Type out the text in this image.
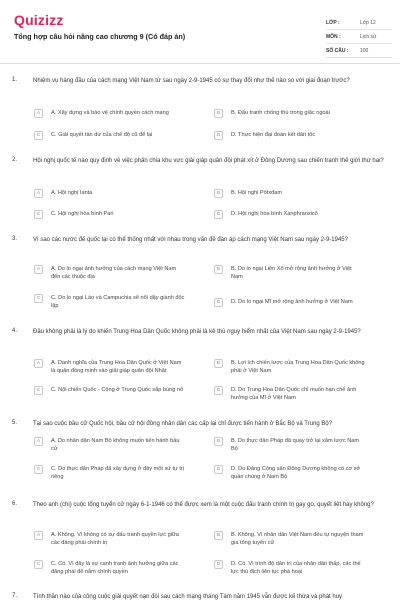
Quizizz
Tổng hợp câu hỏi nâng cao chương 9 (Có đáp án)
LỚP :	Lớp 12
MÔN :	Lịch sử
SỐ CÂU :	100
1.	Nhiệm vụ hàng đầu của cách mạng Việt Nam từ sau ngày 2-9-1945 có sự thay đổi như thế nào so với giai đoạn trước?
A	A. Xây dựng và bảo vệ chính quyền cách mạng	B	B. Đấu tranh chống thù trong giặc ngoài
C	C. Giải quyết tàn dư của chế độ cũ để lại	D	D. Thực hiện đại đoàn kết dân tộc
2.	Hội nghị quốc tế nào quy định về việc phân chia khu vực giải giáp quân đội phát xít ở Đông Dương sau chiến tranh thế giới thứ hai?
A	A. Hội nghị Ianta	B	B. Hội nghị Pốtxđam
C	C. Hội nghị hòa bình Pari	D	D. Hội nghị hòa bình Xanphranxicô
3.	Vì sao các nước đế quốc lại có thể thống nhất với nhau trong vấn đề đàn áp cách mạng Việt Nam sau ngày 2-9-1945?
A	A. Do lo ngại ảnh hưởng của cách mạng Việt Nam đến các thuộc địa
B	B. Do lo ngại Liên Xô mở rộng ảnh hưởng ở Việt Nam
C	C. Do lo ngại Lào và Campuchia sẽ nổi dậy giành độc lập
D	D. Do lo ngại Mĩ mở rộng ảnh hưởng ở Việt Nam
4.	Đâu không phải là lý do khiến Trung Hoa Dân Quốc không phải là kẻ thù nguy hiểm nhất của Việt Nam sau ngày 2-9-1945?
A	A. Danh nghĩa của Trung Hoa Dân Quốc ở Việt Nam là quân đồng minh vào giải giáp quân đội Nhật
B	B. Lợi ích chiến lược của Trung Hoa Dân Quốc không phải ở Việt Nam
C	C. Nội chiến Quốc - Cộng ở Trung Quốc sắp bùng nổ	D	D. Do Trung Hoa Dân Quốc chỉ muốn hạn chế ảnh hưởng của Mĩ ở Việt Nam
5.	Tại sao cuộc bầu cử Quốc hội, bầu cử hội đồng nhân dân các cấp lại chỉ được tiến hành ở Bắc Bộ và Trung Bộ?
A	A. Do nhân dân Nam Bộ không muốn tiến hành bầu cử
B	B. Do thực dân Pháp đã quay trở lại xâm lược Nam Bộ
C	C. Do thực dân Pháp đã xây dựng ở đây một sứ tự trị riêng
D	D. Do Đảng Cộng sản Đông Dương không có cơ sở quần chúng ở Nam Bộ
6.	Theo anh (chị) cuộc tổng tuyển cử ngày 6-1-1946 có thể được xem là một cuộc đấu tranh chính trị gay go, quyết liệt hay không?
A	A. Không. Vì không có sự đấu tranh quyền lực giữa các đảng phái chính trị
B	B. Không. Vì nhân dân Việt Nam đều tự nguyện tham gia tổng tuyển cử
C	C. Có. Vì đây là sự cạnh tranh ảnh hưởng giữa các đảng phái để nắm chính quyền
D	D. Có. Vì trình độ dân trí của nhân dân thấp, các thế lực thù địch liên tục phá hoại
7.	Tình thần nào của công cuộc giải quyết nạn đói sau cách mạng tháng Tám năm 1945 vẫn được kế thừa và phát huy
